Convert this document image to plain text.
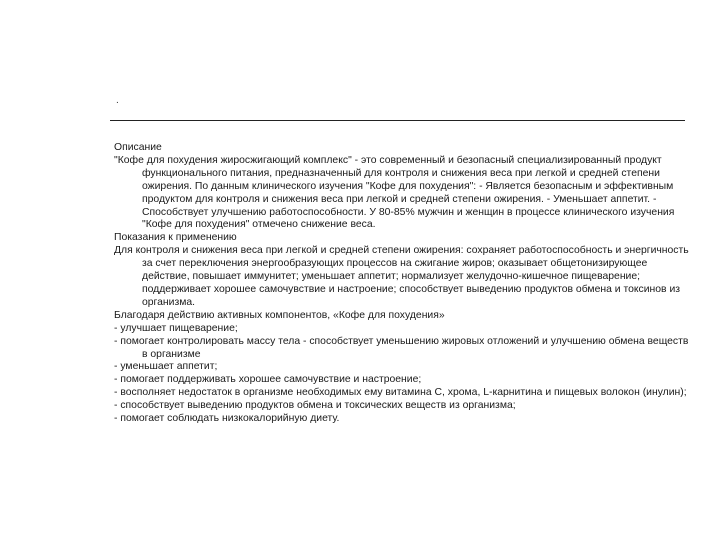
.

Описание

"Кофе для похудения жиросжигающий комплекс" - это современный и безопасный специализированный продукт функционального питания, предназначенный для контроля и снижения веса при легкой и средней степени ожирения. По данным клинического изучения "Кофе для похудения": - Является безопасным и эффективным продуктом для контроля и снижения веса при легкой и средней степени ожирения. - Уменьшает аппетит. - Способствует улучшению работоспособности. У 80-85% мужчин и женщин в процессе клинического изучения "Кофе для похудения" отмечено снижение веса.

Показания к применению

Для контроля и снижения веса при легкой и средней степени ожирения: сохраняет работоспособность и энергичность за счет переключения энергообразующих процессов на сжигание жиров; оказывает общетонизирующее действие, повышает иммунитет; уменьшает аппетит; нормализует желудочно-кишечное пищеварение; поддерживает хорошее самочувствие и настроение; способствует выведению продуктов обмена и токсинов из организма.

Благодаря действию активных компонентов, «Кофе для похудения»

- улучшает пищеварение;

- помогает контролировать массу тела - способствует уменьшению жировых отложений и улучшению обмена веществ в организме

- уменьшает аппетит;

- помогает поддерживать хорошее самочувствие и настроение;

- восполняет недостаток в организме необходимых ему витамина С, хрома, L-карнитина и пищевых волокон (инулин);

- способствует выведению продуктов обмена и токсических веществ из организма;

- помогает соблюдать низкокалорийную диету.
